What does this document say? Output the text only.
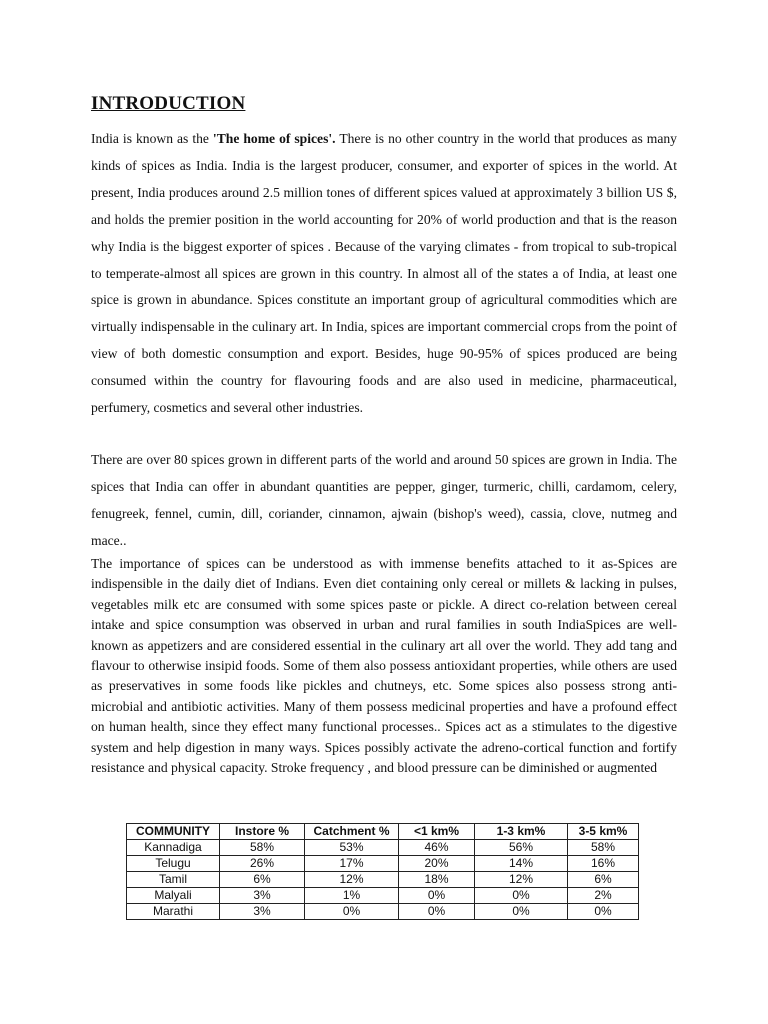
INTRODUCTION

India is known as the 'The home of spices'. There is no other country in the world that produces as many kinds of spices as India. India is the largest producer, consumer, and exporter of spices in the world. At present, India produces around 2.5 million tones of different spices valued at approximately 3 billion US $, and holds the premier position in the world accounting for 20% of world production and that is the reason why India is the biggest exporter of spices . Because of the varying climates - from tropical to sub-tropical to temperate-almost all spices are grown in this country. In almost all of the states a of India, at least one spice is grown in abundance. Spices constitute an important group of agricultural commodities which are virtually indispensable in the culinary art. In India, spices are important commercial crops from the point of view of both domestic consumption and export. Besides, huge 90-95% of spices produced are being consumed within the country for flavouring foods and are also used in medicine, pharmaceutical, perfumery, cosmetics and several other industries.

There are over 80 spices grown in different parts of the world and around 50 spices are grown in India. The spices that India can offer in abundant quantities are pepper, ginger, turmeric, chilli, cardamom, celery, fenugreek, fennel, cumin, dill, coriander, cinnamon, ajwain (bishop's weed), cassia, clove, nutmeg and mace..

The importance of spices can be understood as with immense benefits attached to it as-Spices are indispensible in the daily diet of Indians. Even diet containing only cereal or millets & lacking in pulses, vegetables milk etc are consumed with some spices paste or pickle. A direct co-relation between cereal intake and spice consumption was observed in urban and rural families in south IndiaSpices are well-known as appetizers and are considered essential in the culinary art all over the world. They add tang and flavour to otherwise insipid foods. Some of them also possess antioxidant properties, while others are used as preservatives in some foods like pickles and chutneys, etc. Some spices also possess strong anti-microbial and antibiotic activities. Many of them possess medicinal properties and have a profound effect on human health, since they effect many functional processes.. Spices act as a stimulates to the digestive system and help digestion in many ways. Spices possibly activate the adreno-cortical function and fortify resistance and physical capacity. Stroke frequency , and blood pressure can be diminished or augmented

COMMUNITY	Instore %	Catchment %	<1 km%	1-3 km%	3-5 km%
Kannadiga	58%	53%	46%	56%	58%
Telugu	26%	17%	20%	14%	16%
Tamil	6%	12%	18%	12%	6%
Malyali	3%	1%	0%	0%	2%
Marathi	3%	0%	0%	0%	0%
